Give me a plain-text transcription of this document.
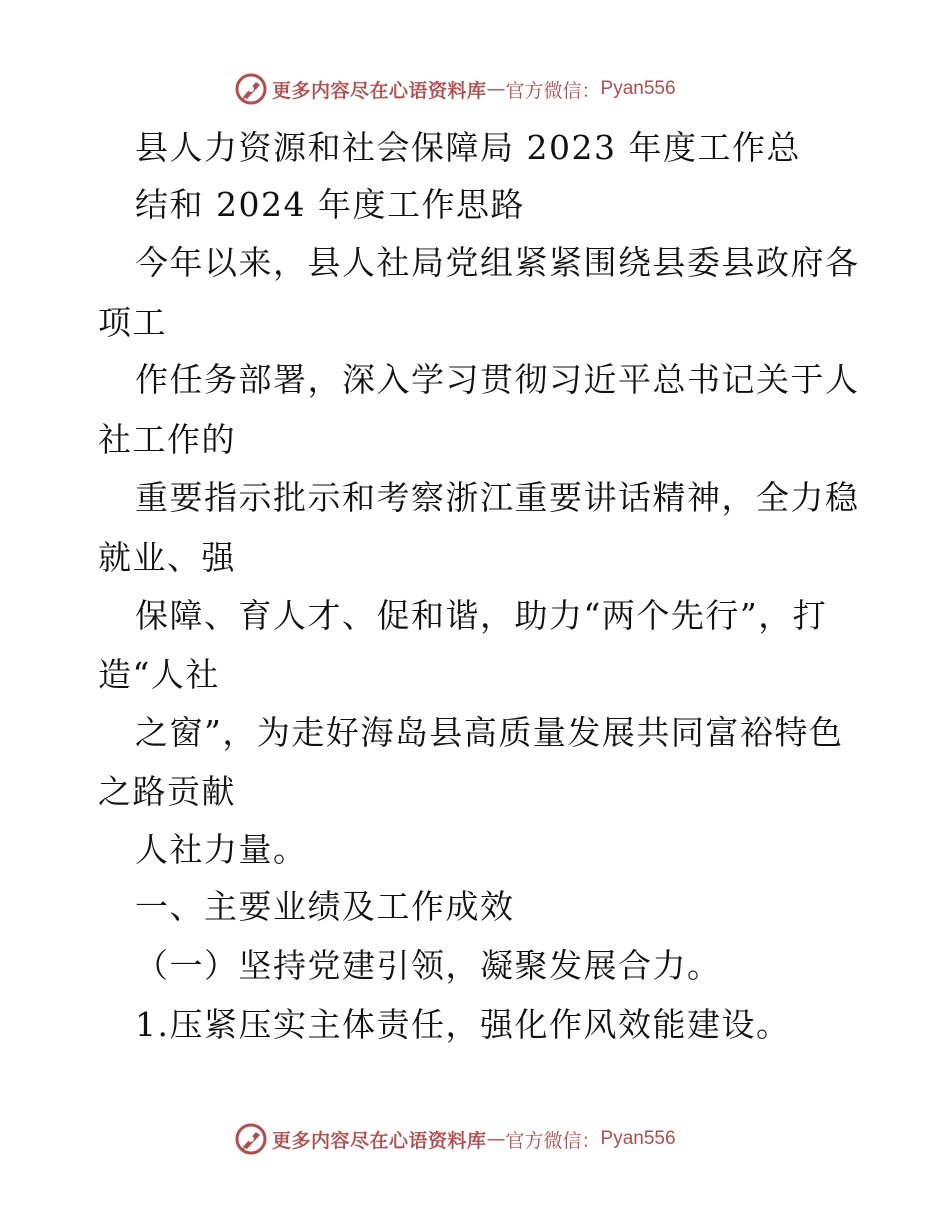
更多内容尽在心语资料库 — 官方微信： Pyan556
县人力资源和社会保障局 2023 年度工作总
结和 2024 年度工作思路
今年以来，县人社局党组紧紧围绕县委县政府各
项工
作任务部署，深入学习贯彻习近平总书记关于人
社工作的
重要指示批示和考察浙江重要讲话精神，全力稳
就业、强
保障、育人才、促和谐，助力“两个先行”，打
造“人社
之窗”，为走好海岛县高质量发展共同富裕特色
之路贡献
人社力量。
一、主要业绩及工作成效
（一）坚持党建引领，凝聚发展合力。
1.压紧压实主体责任，强化作风效能建设。
更多内容尽在心语资料库 — 官方微信： Pyan556
